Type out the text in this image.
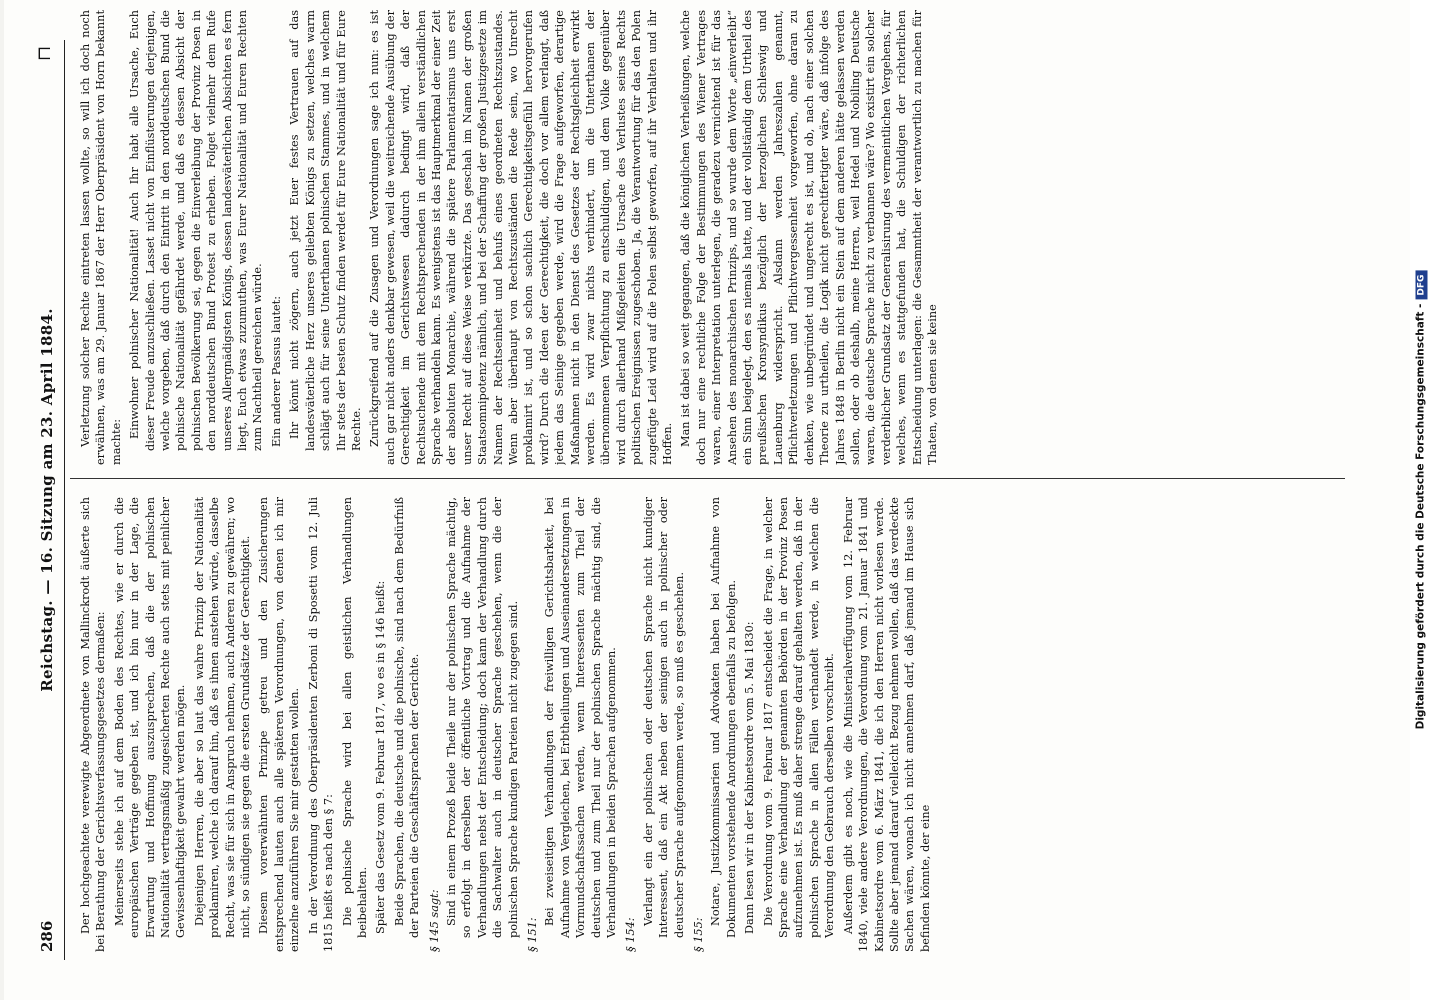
286
Reichstag. — 16. Sitzung am 23. April 1884.
⊓

Der hochgeachtete verewigte Abgeordnete von Mallinckrodt äußerte sich bei Berathung der Gerichtsverfassungsgesetzes dermaßen: Meinerseits stehe ich auf dem Boden des Rechtes, wie er durch die europäischen Verträge gegeben ist, und ich bin nur in der Lage, die Erwartung und Hoffnung auszusprechen, daß die der polnischen Nationalität vertragsmäßig zugesicherten Rechte auch stets mit peinlicher Gewissenhaftigkeit gewahrt werden mögen. Diejenigen Herren, die aber so laut das wahre Prinzip der Nationalität proklamiren, welche ich darauf hin, daß es ihnen anstehen würde, dasselbe Recht, was sie für sich in Anspruch nehmen, auch Anderen zu gewähren; wo nicht, so sündigen sie gegen die ersten Grundsätze der Gerechtigkeit. Diesem vorerwähnten Prinzipe getreu und den Zusicherungen entsprechend lauten auch alle späteren Verordnungen, von denen ich mir einzelne anzuführen Sie mir gestatten wollen. In der Verordnung des Oberpräsidenten Zerboni di Sposetti vom 12. Juli 1815 heißt es nach den § 7: Die polnische Sprache wird bei allen geistlichen Verhandlungen beibehalten. Später das Gesetz vom 9. Februar 1817, wo es in § 146 heißt: Beide Sprachen, die deutsche und die polnische, sind nach dem Bedürfniß der Parteien die Geschäftssprachen der Gerichte. § 145 sagt: Sind in einem Prozeß beide Theile nur der polnischen Sprache mächtig, so erfolgt in derselben der öffentliche Vortrag und die Aufnahme der Verhandlungen nebst der Entscheidung; doch kann der Verhandlung durch die Sachwalter auch in deutscher Sprache geschehen, wenn die der polnischen Sprache kundigen Parteien nicht zugegen sind. § 151:

Bei zweiseitigen Verhandlungen der freiwilligen Gerichtsbarkeit, bei Aufnahme von Vergleichen, bei Erbtheilungen und Auseinandersetzungen in Vormundschaftssachen werden, wenn Interessenten zum Theil der deutschen und zum Theil nur der polnischen Sprache mächtig sind, die Verhandlungen in beiden Sprachen aufgenommen. § 154:

Verlangt ein der polnischen oder deutschen Sprache nicht kundiger Interessent, daß ein Akt neben der seinigen auch in polnischer oder deutscher Sprache aufgenommen werde, so muß es geschehen. § 155:

Notare, Justizkommissarien und Advokaten haben bei Aufnahme von Dokumenten vorstehende Anordnungen ebenfalls zu befolgen. Dann lesen wir in der Kabinetsordre vom 5. Mai 1830: Die Verordnung vom 9. Februar 1817 entscheidet die Frage, in welcher Sprache eine Verhandlung der genannten Behörden in der Provinz Posen aufzunehmen ist. Es muß daher strenge darauf gehalten werden, daß in der polnischen Sprache in allen Fällen verhandelt werde, in welchen die Verordnung den Gebrauch derselben vorschreibt. Außerdem gibt es noch, wie die Ministerialverfügung vom 12. Februar 1840, viele andere Verordnungen, die Verordnung vom 21. Januar 1841 und Kabinetsordre vom 6. März 1841, die ich den Herren nicht vorlesen werde. Sollte aber jemand darauf vielleicht Bezug nehmen wollen, daß das verdeckte Sachen wären, wonach ich nicht annehmen darf, daß jemand im Hause sich befinden könnte, der eine

Verletzung solcher Rechte eintreten lassen wollte, so will ich doch noch erwähnen, was am 29. Januar 1867 der Herr Oberpräsident von Horn bekannt machte:

Einwohner polnischer Nationalität! Auch Ihr habt alle Ursache, Euch dieser Freude anzuschließen. Lasset nicht von Einflüsterungen derjenigen, welche vorgeben, daß durch den Eintritt in den norddeutschen Bund die polnische Nationalität gefährdet werde, und daß es dessen Absicht der polnischen Bevölkerung sei, gegen die Einverleibung der Provinz Posen in den norddeutschen Bund Protest zu erheben. Folget vielmehr dem Rufe unseres Allergnädigsten Königs, dessen landesväterlichen Absichten es fern liegt, Euch etwas zuzumuthen, was Eurer Nationalität und Euren Rechten zum Nachtheil gereichen würde. Ein anderer Passus lautet: Ihr könnt nicht zögern, auch jetzt Euer festes Vertrauen auf das landesväterliche Herz unseres geliebten Königs zu setzen, welches warm schlägt auch für seine Unterthanen polnischen Stammes, und in welchem Ihr stets der besten Schutz finden werdet für Eure Nationalität und für Eure Rechte. Zurückgreifend auf die Zusagen und Verordnungen sage ich nun: es ist auch gar nicht anders denkbar gewesen, weil die weitreichende Ausübung der Gerechtigkeit im Gerichtswesen dadurch bedingt wird, daß der Rechtsuchende mit dem Rechtsprechenden in der ihm allein verständlichen Sprache verhandeln kann. Es wenigstens ist das Hauptmerkmal der einer Zeit der absoluten Monarchie, während die spätere Parlamentarismus uns erst unser Recht auf diese Weise verkürzte. Das geschah im Namen der großen Staatsomnipotenz nämlich, und bei der Schaffung der großen Justizgesetze im Namen der Rechtseinheit und behufs eines geordneten Rechtszustandes. Wenn aber überhaupt von Rechtszuständen die Rede sein, wo Unrecht proklamirt ist, und so schon sachlich Gerechtigkeitsgefühl hervorgerufen wird? Durch die Ideen der Gerechtigkeit, die doch vor allem verlangt, daß jedem das Seinige gegeben werde, wird die Frage aufgeworfen, derartige Maßnahmen nicht in den Dienst des Gesetzes der Rechtsgleichheit erwirkt werden. Es wird zwar nichts verhindert, um die Unterthanen der übernommenen Verpflichtung zu entschuldigen, und dem Volke gegenüber wird durch allerhand Mißgeleiten die Ursache des Verlustes seines Rechts politischen Ereignissen zugeschoben. Ja, die Verantwortung für das den Polen zugefügte Leid wird auf die Polen selbst geworfen, auf ihr Verhalten und ihr Hoffen. Man ist dabei so weit gegangen, daß die königlichen Verheißungen, welche doch nur eine rechtliche Folge der Bestimmungen des Wiener Vertrages waren, einer Interpretation unterlegen, die geradezu vernichtend ist für das Ansehen des monarchischen Prinzips, und so wurde dem Worte „einverleibt“ ein Sinn beigelegt, den es niemals hatte, und der vollständig dem Urtheil des preußischen Kronsyndikus bezüglich der herzoglichen Schleswig und Lauenburg widerspricht. Alsdann werden Jahreszahlen genannt, Pflichtverletzungen und Pflichtvergessenheit vorgeworfen, ohne daran zu denken, wie unbegründet und ungerecht es ist, und ob, nach einer solchen Theorie zu urtheilen, die Logik nicht gerechtfertigter wäre, daß infolge des Jahres 1848 in Berlin nicht ein Stein auf dem anderen hätte gelassen werden sollen, oder ob deshalb, meine Herren, weil Hedel und Nobiling Deutsche waren, die deutsche Sprache nicht zu verbannen wäre? Wo existirt ein solcher verderblicher Grundsatz der Generalisirung des vermeintlichen Vergehens, für welches, wenn es stattgefunden hat, die Schuldigen der richterlichen Entscheidung unterlagen: die Gesammtheit der verantwortlich zu machen für Thaten, von denen sie keine	Digitalisierung gefördert durch die Deutsche Forschungsgemeinschaft -DFG
